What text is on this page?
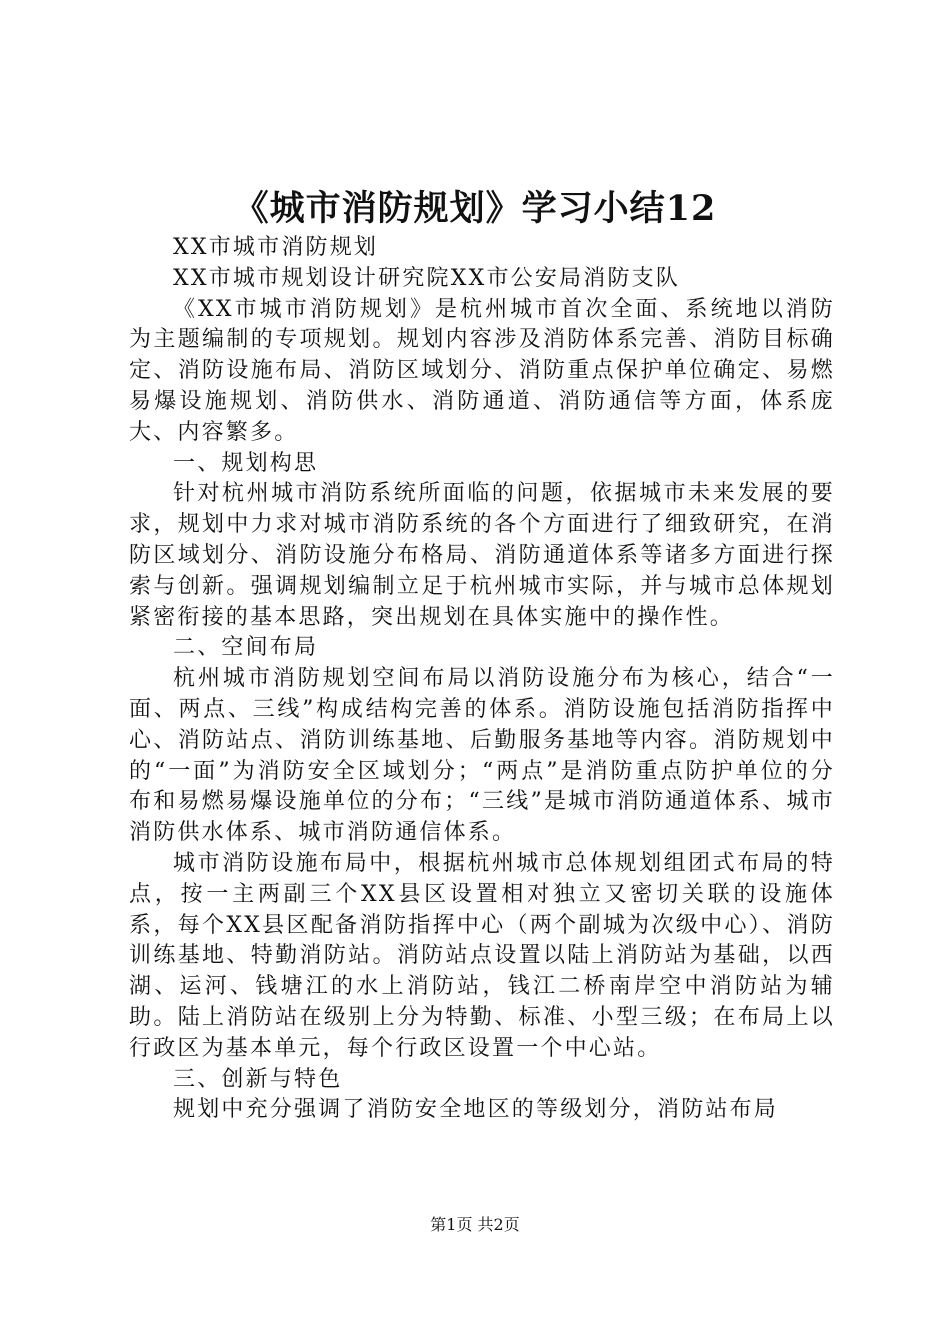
《城市消防规划》学习小结12

XX市城市消防规划

XX市城市规划设计研究院XX市公安局消防支队

《XX市城市消防规划》是杭州城市首次全面、系统地以消防为主题编制的专项规划。规划内容涉及消防体系完善、消防目标确定、消防设施布局、消防区域划分、消防重点保护单位确定、易燃易爆设施规划、消防供水、消防通道、消防通信等方面，体系庞大、内容繁多。

一、规划构思

针对杭州城市消防系统所面临的问题，依据城市未来发展的要求，规划中力求对城市消防系统的各个方面进行了细致研究，在消防区域划分、消防设施分布格局、消防通道体系等诸多方面进行探索与创新。强调规划编制立足于杭州城市实际，并与城市总体规划紧密衔接的基本思路，突出规划在具体实施中的操作性。

二、空间布局

杭州城市消防规划空间布局以消防设施分布为核心，结合“一面、两点、三线”构成结构完善的体系。消防设施包括消防指挥中心、消防站点、消防训练基地、后勤服务基地等内容。消防规划中的“一面”为消防安全区域划分；“两点”是消防重点防护单位的分布和易燃易爆设施单位的分布；“三线”是城市消防通道体系、城市消防供水体系、城市消防通信体系。

城市消防设施布局中，根据杭州城市总体规划组团式布局的特点，按一主两副三个XX县区设置相对独立又密切关联的设施体系，每个XX县区配备消防指挥中心（两个副城为次级中心）、消防训练基地、特勤消防站。消防站点设置以陆上消防站为基础，以西湖、运河、钱塘江的水上消防站，钱江二桥南岸空中消防站为辅助。陆上消防站在级别上分为特勤、标准、小型三级；在布局上以行政区为基本单元，每个行政区设置一个中心站。

三、创新与特色

规划中充分强调了消防安全地区的等级划分，消防站布局

第1页 共2页
